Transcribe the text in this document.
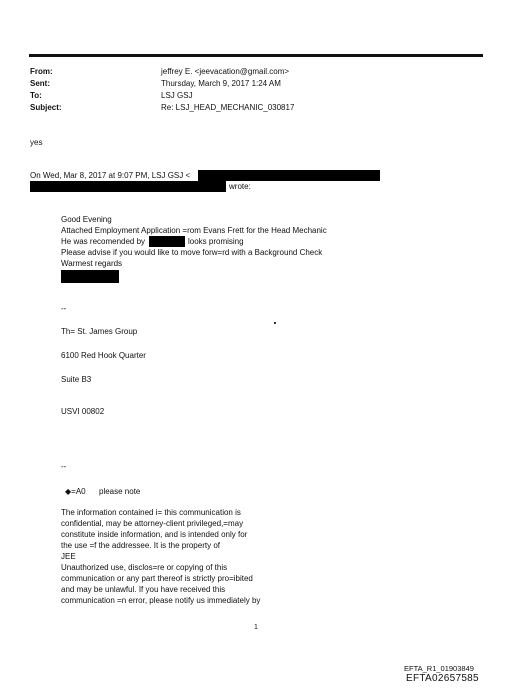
From:
Sent:
To:
Subject:
jeffrey E. <jeevacation@gmail.com>
Thursday, March 9, 2017 1:24 AM
LSJ GSJ
Re: LSJ_HEAD_MECHANIC_030817
yes
On Wed, Mar 8, 2017 at 9:07 PM, LSJ GSJ <
wrote:
Good Evening
Attached Employment Application =rom Evans Frett for the Head Mechanic
He was recomended by	looks promising
Please advise if you would like to move forw=rd with a Background Check
Warmest regards
--
Th= St. James Group
6100 Red Hook Quarter
Suite B3
USVI 00802
--
◆=A0 please note
The information contained i= this communication is
confidential, may be attorney-client privileged,=may
constitute inside information, and is intended only for
the use =f the addressee. It is the property of
JEE
Unauthorized use, disclos=re or copying of this
communication or any part thereof is strictly pro=ibited
and may be unlawful. If you have received this
communication =n error, please notify us immediately by
1
EFTA_R1_01903849
EFTA02657585
